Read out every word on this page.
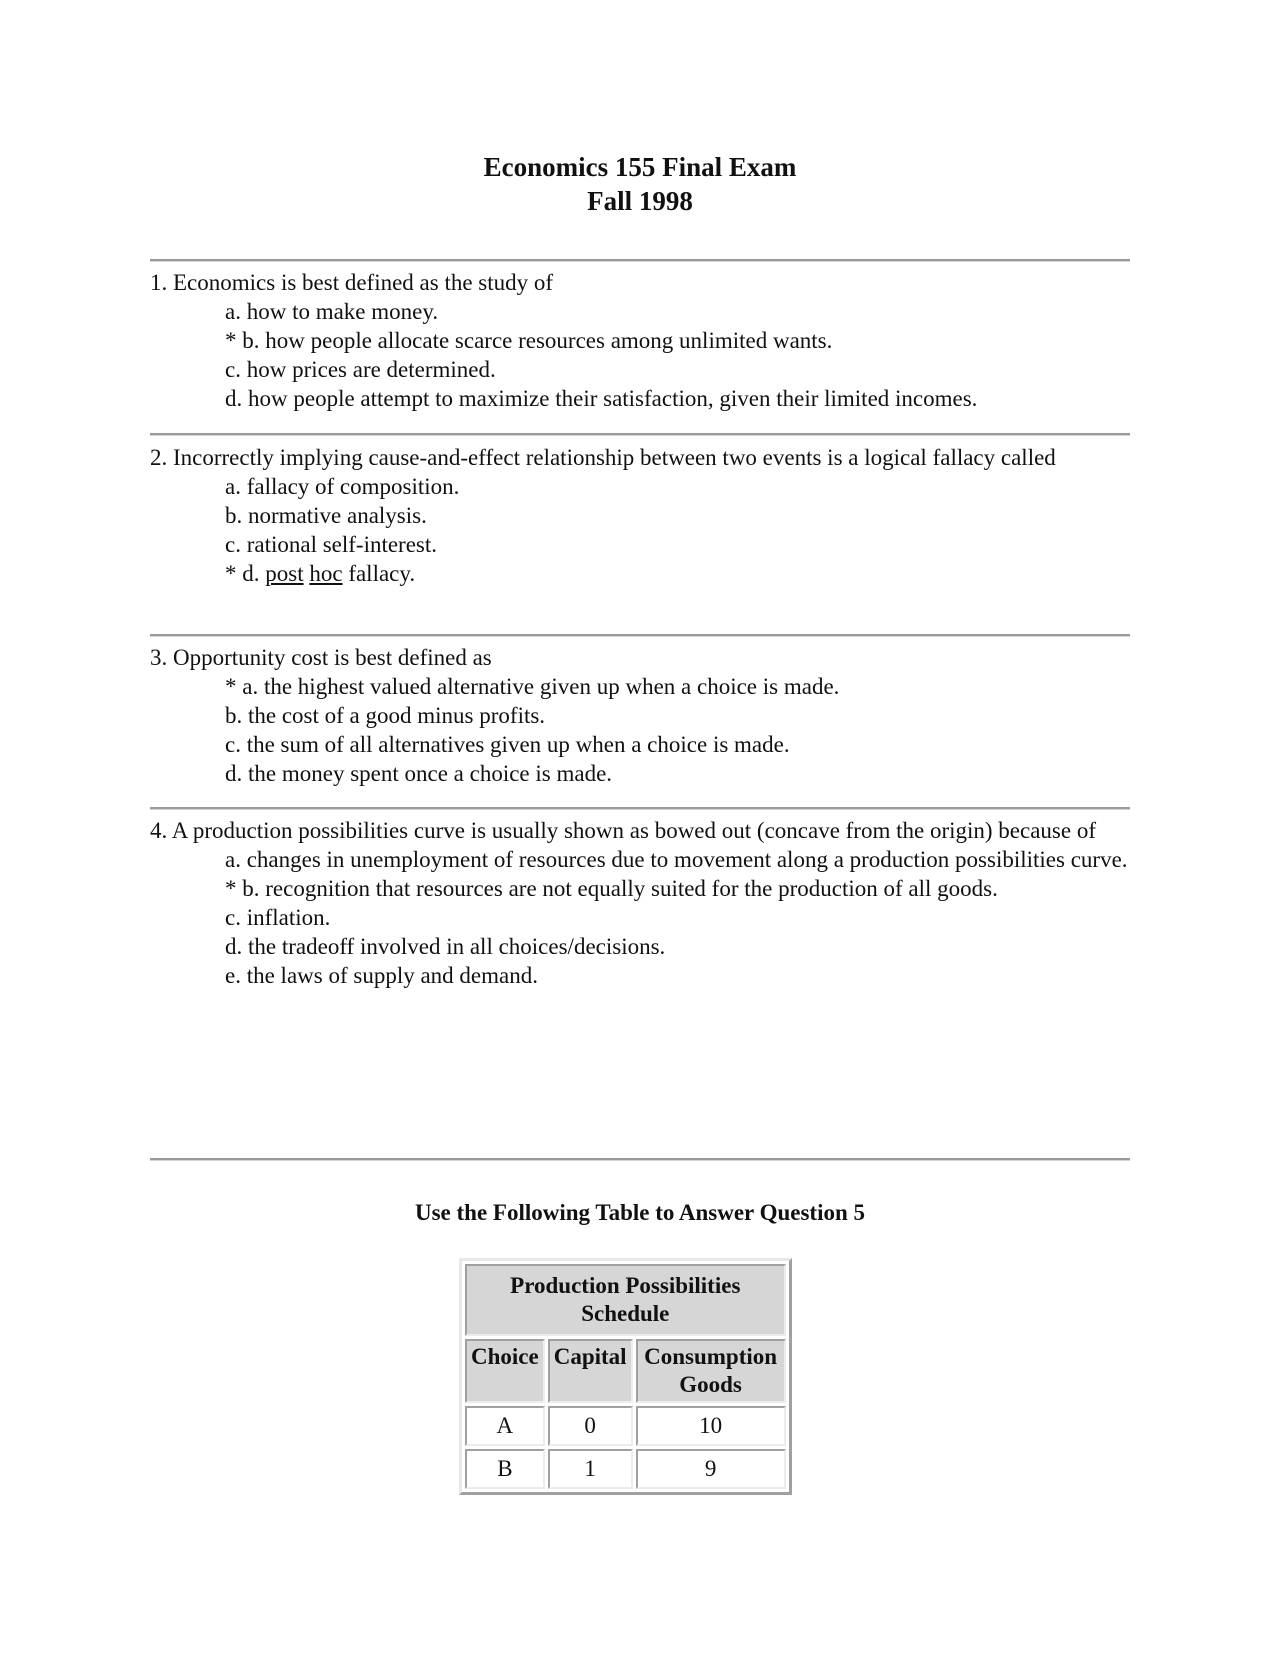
Economics 155 Final Exam
Fall 1998

1. Economics is best defined as the study of

a. how to make money.
* b. how people allocate scarce resources among unlimited wants.
c. how prices are determined.
d. how people attempt to maximize their satisfaction, given their limited incomes.

2. Incorrectly implying cause-and-effect relationship between two events is a logical fallacy called

a. fallacy of composition.
b. normative analysis.
c. rational self-interest.
* d. post hoc fallacy.

3. Opportunity cost is best defined as

* a. the highest valued alternative given up when a choice is made.
b. the cost of a good minus profits.
c. the sum of all alternatives given up when a choice is made.
d. the money spent once a choice is made.

4. A production possibilities curve is usually shown as bowed out (concave from the origin) because of

a. changes in unemployment of resources due to movement along a production possibilities curve.
* b. recognition that resources are not equally suited for the production of all goods.
c. inflation.
d. the tradeoff involved in all choices/decisions.
e. the laws of supply and demand.
Use the Following Table to Answer Question 5
Production Possibilities Schedule		

Choice	Capital	Consumption Goods
A	0	10
B	1	9
